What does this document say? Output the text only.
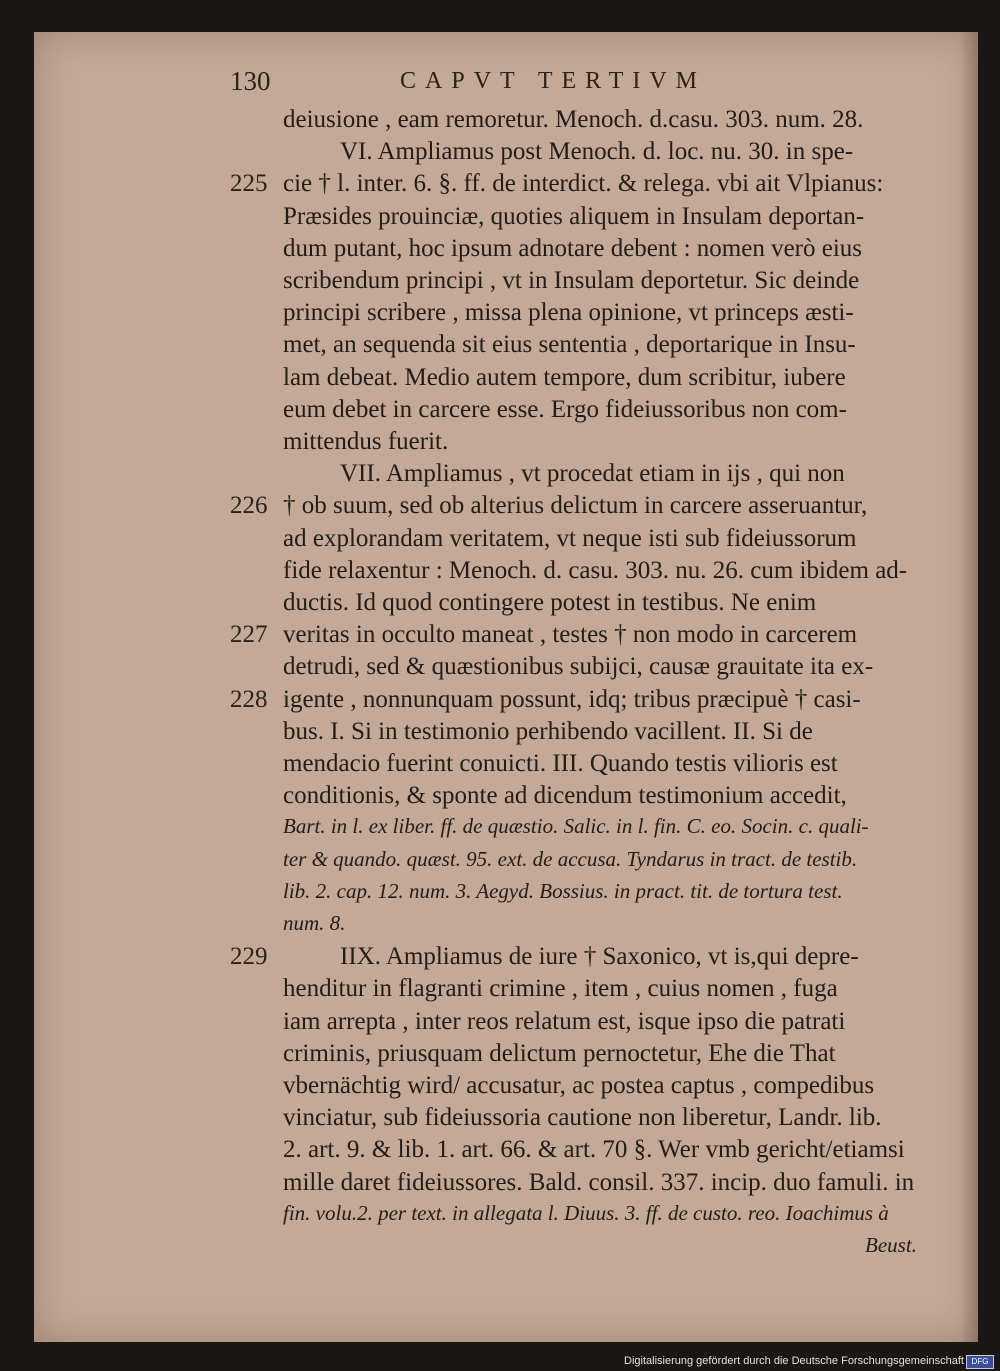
130	CAPVT TERTIVM
deiusione , eam remoretur. Menoch. d.casu. 303. num. 28.
VI. Ampliamus post Menoch. d. loc. nu. 30. in spe-
225 cie † l. inter. 6. §. ff. de interdict. & relega. vbi ait Vlpianus:
Præsides prouinciæ, quoties aliquem in Insulam deportan-
dum putant, hoc ipsum adnotare debent : nomen verò eius
scribendum principi , vt in Insulam deportetur. Sic deinde
principi scribere , missa plena opinione, vt princeps æsti-
met, an sequenda sit eius sententia , deportarique in Insu-
lam debeat. Medio autem tempore, dum scribitur, iubere
eum debet in carcere esse. Ergo fideiussoribus non com-
mittendus fuerit.
VII. Ampliamus , vt procedat etiam in ijs , qui non
226 † ob suum, sed ob alterius delictum in carcere asseruantur,
ad explorandam veritatem, vt neque isti sub fideiussorum
fide relaxentur : Menoch. d. casu. 303. nu. 26. cum ibidem ad-
ductis. Id quod contingere potest in testibus. Ne enim
227 veritas in occulto maneat , testes † non modo in carcerem
detrudi, sed & quæstionibus subijci, causæ grauitate ita ex-
228 igente , nonnunquam possunt, idq; tribus præcipuè † casi-
bus. I. Si in testimonio perhibendo vacillent. II. Si de
mendacio fuerint conuicti. III. Quando testis vilioris est
conditionis, & sponte ad dicendum testimonium accedit,
Bart. in l. ex liber. ff. de quæstio. Salic. in l. fin. C. eo. Socin. c. quali-
ter & quando. quæst. 95. ext. de accusa. Tyndarus in tract. de testib.
lib. 2. cap. 12. num. 3. Aegyd. Bossius. in pract. tit. de tortura test.
num. 8.
229	IIX. Ampliamus de iure † Saxonico, vt is,qui depre-
henditur in flagranti crimine , item , cuius nomen , fuga
iam arrepta , inter reos relatum est, isque ipso die patrati
criminis, priusquam delictum pernoctetur, Ehe die That
vbernächtig wird/ accusatur, ac postea captus , compedibus
vinciatur, sub fideiussoria cautione non liberetur, Landr. lib.
2. art. 9. & lib. 1. art. 66. & art. 70 §. Wer vmb gericht/etiamsi
mille daret fideiussores. Bald. consil. 337. incip. duo famuli. in
fin. volu.2. per text. in allegata l. Diuus. 3. ff. de custo. reo. Ioachimus à
Beust.
Digitalisierung gefördert durch die Deutsche Forschungsgemeinschaft DFG
